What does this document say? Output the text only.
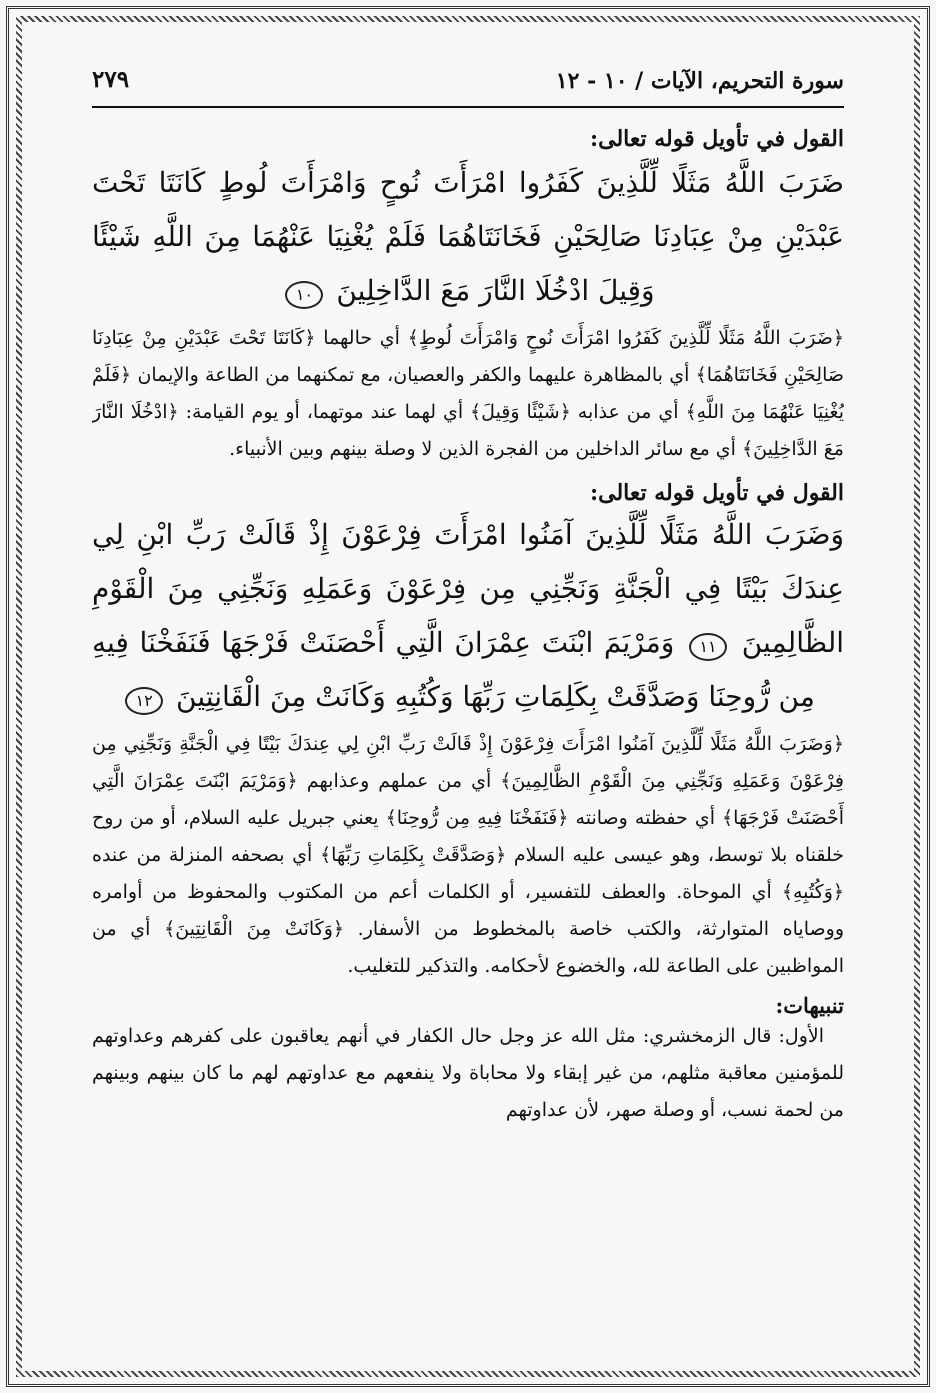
سورة التحريم، الآيات / ١٠ - ١٢
٢٧٩

القول في تأويل قوله تعالى:

ضَرَبَ اللَّهُ مَثَلًا لِّلَّذِينَ كَفَرُوا امْرَأَتَ نُوحٍ وَامْرَأَتَ لُوطٍ كَانَتَا تَحْتَ عَبْدَيْنِ مِنْ عِبَادِنَا صَالِحَيْنِ فَخَانَتَاهُمَا فَلَمْ يُغْنِيَا عَنْهُمَا مِنَ اللَّهِ شَيْئًا وَقِيلَ ادْخُلَا النَّارَ مَعَ الدَّاخِلِينَ ١٠

﴿ضَرَبَ اللَّهُ مَثَلًا لِّلَّذِينَ كَفَرُوا امْرَأَتَ نُوحٍ وَامْرَأَتَ لُوطٍ﴾ أي حالهما ﴿كَانَتَا تَحْتَ عَبْدَيْنِ مِنْ عِبَادِنَا صَالِحَيْنِ فَخَانَتَاهُمَا﴾ أي بالمظاهرة عليهما والكفر والعصيان، مع تمكنهما من الطاعة والإيمان ﴿فَلَمْ يُغْنِيَا عَنْهُمَا مِنَ اللَّهِ﴾ أي من عذابه ﴿شَيْئًا وَقِيلَ﴾ أي لهما عند موتهما، أو يوم القيامة: ﴿ادْخُلَا النَّارَ مَعَ الدَّاخِلِينَ﴾ أي مع سائر الداخلين من الفجرة الذين لا وصلة بينهم وبين الأنبياء.

القول في تأويل قوله تعالى:

وَضَرَبَ اللَّهُ مَثَلًا لِّلَّذِينَ آمَنُوا امْرَأَتَ فِرْعَوْنَ إِذْ قَالَتْ رَبِّ ابْنِ لِي عِندَكَ بَيْتًا فِي الْجَنَّةِ وَنَجِّنِي مِن فِرْعَوْنَ وَعَمَلِهِ وَنَجِّنِي مِنَ الْقَوْمِ الظَّالِمِينَ ١١ وَمَرْيَمَ ابْنَتَ عِمْرَانَ الَّتِي أَحْصَنَتْ فَرْجَهَا فَنَفَخْنَا فِيهِ مِن رُّوحِنَا وَصَدَّقَتْ بِكَلِمَاتِ رَبِّهَا وَكُتُبِهِ وَكَانَتْ مِنَ الْقَانِتِينَ ١٢

﴿وَضَرَبَ اللَّهُ مَثَلًا لِّلَّذِينَ آمَنُوا امْرَأَتَ فِرْعَوْنَ إِذْ قَالَتْ رَبِّ ابْنِ لِي عِندَكَ بَيْتًا فِي الْجَنَّةِ وَنَجِّنِي مِن فِرْعَوْنَ وَعَمَلِهِ وَنَجِّنِي مِنَ الْقَوْمِ الظَّالِمِينَ﴾ أي من عملهم وعذابهم ﴿وَمَرْيَمَ ابْنَتَ عِمْرَانَ الَّتِي أَحْصَنَتْ فَرْجَهَا﴾ أي حفظته وصانته ﴿فَنَفَخْنَا فِيهِ مِن رُّوحِنَا﴾ يعني جبريل عليه السلام، أو من روح خلقناه بلا توسط، وهو عيسى عليه السلام ﴿وَصَدَّقَتْ بِكَلِمَاتِ رَبِّهَا﴾ أي بصحفه المنزلة من عنده ﴿وَكُتُبِهِ﴾ أي الموحاة. والعطف للتفسير، أو الكلمات أعم من المكتوب والمحفوظ من أوامره ووصاياه المتوارثة، والكتب خاصة بالمخطوط من الأسفار. ﴿وَكَانَتْ مِنَ الْقَانِتِينَ﴾ أي من المواظبين على الطاعة لله، والخضوع لأحكامه. والتذكير للتغليب.

تنبيهات:

الأول: قال الزمخشري: مثل الله عز وجل حال الكفار في أنهم يعاقبون على كفرهم وعداوتهم للمؤمنين معاقبة مثلهم، من غير إبقاء ولا محاباة ولا ينفعهم مع عداوتهم لهم ما كان بينهم وبينهم من لحمة نسب، أو وصلة صهر، لأن عداوتهم
